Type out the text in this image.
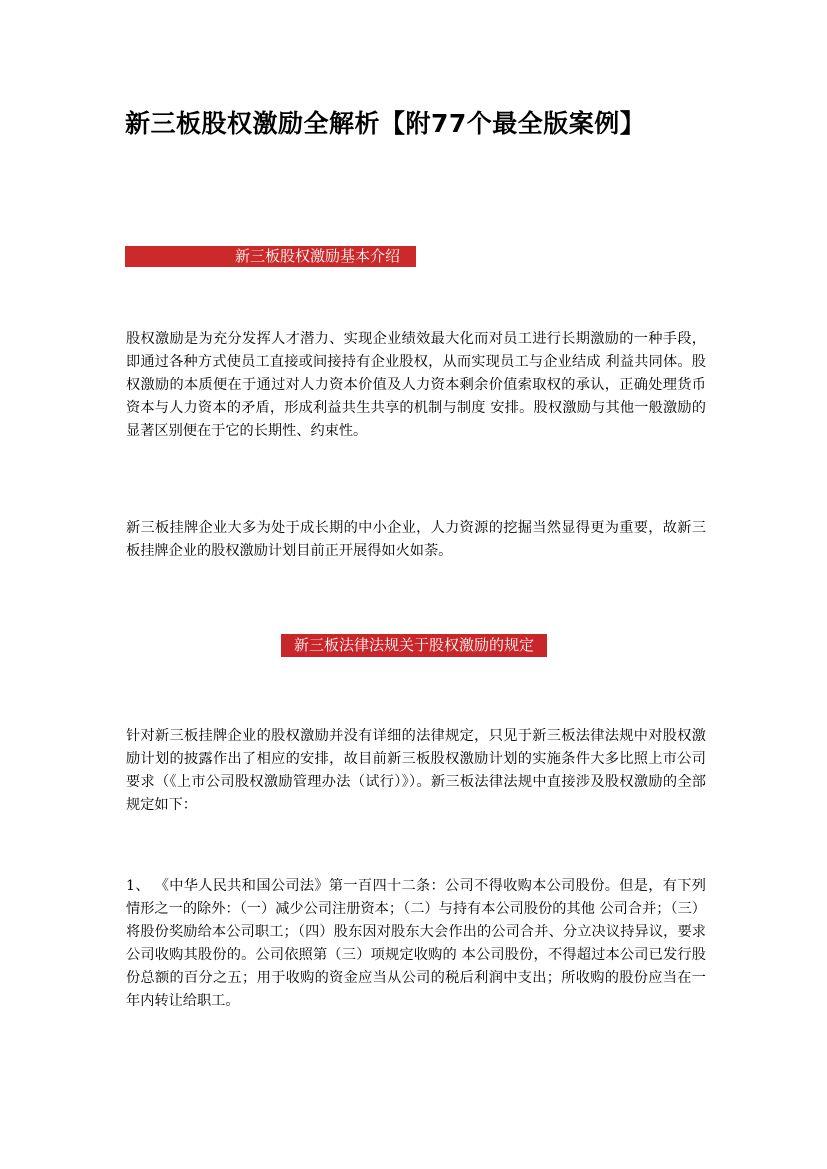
新三板股权激励全解析【附77个最全版案例】
新三板股权激励基本介绍
股权激励是为充分发挥人才潜力、实现企业绩效最大化而对员工进行长期激励的一种手段，即通过各种方式使员工直接或间接持有企业股权，从而实现员工与企业结成 利益共同体。股权激励的本质便在于通过对人力资本价值及人力资本剩余价值索取权的承认，正确处理货币资本与人力资本的矛盾，形成利益共生共享的机制与制度 安排。股权激励与其他一般激励的显著区别便在于它的长期性、约束性。
新三板挂牌企业大多为处于成长期的中小企业，人力资源的挖掘当然显得更为重要，故新三板挂牌企业的股权激励计划目前正开展得如火如荼。
新三板法律法规关于股权激励的规定
针对新三板挂牌企业的股权激励并没有详细的法律规定，只见于新三板法律法规中对股权激励计划的披露作出了相应的安排，故目前新三板股权激励计划的实施条件大多比照上市公司要求（《上市公司股权激励管理办法（试行）》）。新三板法律法规中直接涉及股权激励的全部规定如下：
1、 《中华人民共和国公司法》第一百四十二条：公司不得收购本公司股份。但是，有下列情形之一的除外：（一）减少公司注册资本；（二）与持有本公司股份的其他 公司合并；（三）将股份奖励给本公司职工；（四）股东因对股东大会作出的公司合并、分立决议持异议，要求公司收购其股份的。公司依照第（三）项规定收购的 本公司股份，不得超过本公司已发行股份总额的百分之五；用于收购的资金应当从公司的税后利润中支出；所收购的股份应当在一年内转让给职工。
